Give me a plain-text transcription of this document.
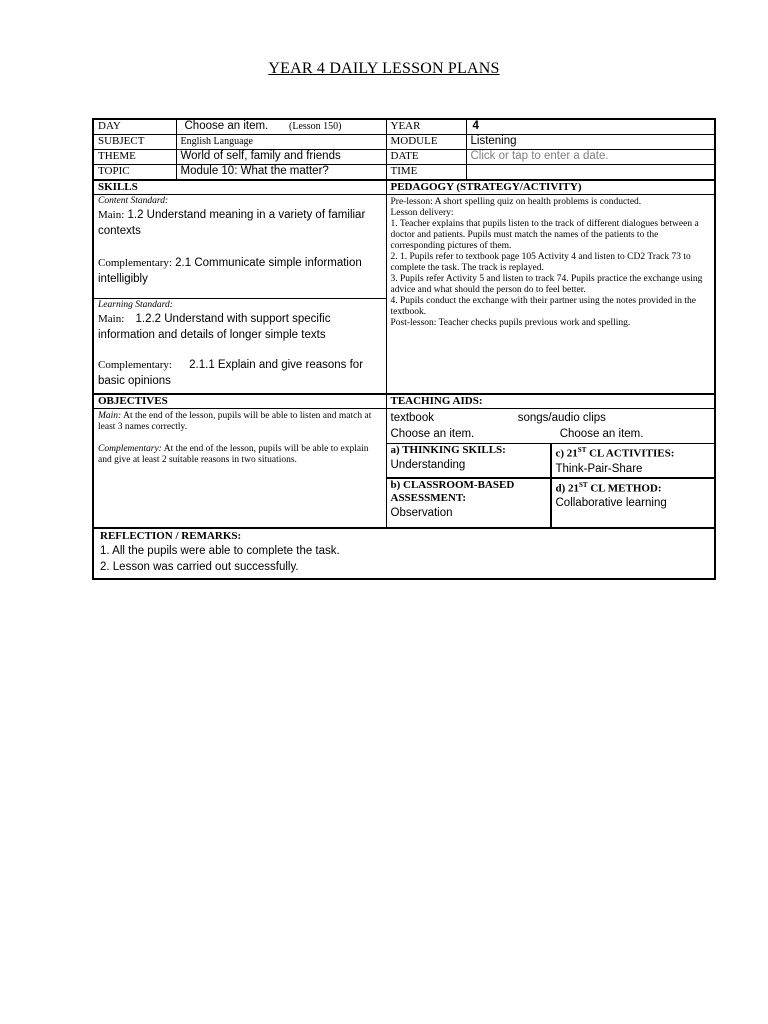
YEAR 4 DAILY LESSON PLANS
DAY	Choose an item. (Lesson 150)	YEAR	4
SUBJECT	English Language	MODULE	Listening
THEME	World of self, family and friends	DATE	Click or tap to enter a date.
TOPIC	Module 10: What the matter?	TIME	
SKILLS	PEDAGOGY (STRATEGY/ACTIVITY)

Content Standard:
Main: 1.2 Understand meaning in a variety of familiar contexts
Complementary: 2.1 Communicate simple information intelligibly
Learning Standard:
Main: 1.2.2 Understand with support specific information and details of longer simple texts
Complementary: 2.1.1 Explain and give reasons for basic opinions

Pre-lesson: A short spelling quiz on health problems is conducted.
Lesson delivery:
1. Teacher explains that pupils listen to the track of different dialogues between a doctor and patients. Pupils must match the names of the patients to the corresponding pictures of them.
2. 1. Pupils refer to textbook page 105 Activity 4 and listen to CD2 Track 73 to complete the task. The track is replayed.
3. Pupils refer Activity 5 and listen to track 74. Pupils practice the exchange using advice and what should the person do to feel better.
4. Pupils conduct the exchange with their partner using the notes provided in the textbook.
Post-lesson: Teacher checks pupils previous work and spelling.

OBJECTIVES	TEACHING AIDS:

Main: At the end of the lesson, pupils will be able to listen and match at least 3 names correctly.
Complementary: At the end of the lesson, pupils will be able to explain and give at least 2 suitable reasons in two situations.

textbook	songs/audio clips
Choose an item.	Choose an item.

a) THINKING SKILLS:
Understanding

c) 21ST CL ACTIVITIES:
Think-Pair-Share

b) CLASSROOM-BASED ASSESSMENT:
Observation

d) 21ST CL METHOD:
Collaborative learning

REFLECTION / REMARKS:
1. All the pupils were able to complete the task.
2. Lesson was carried out successfully.
